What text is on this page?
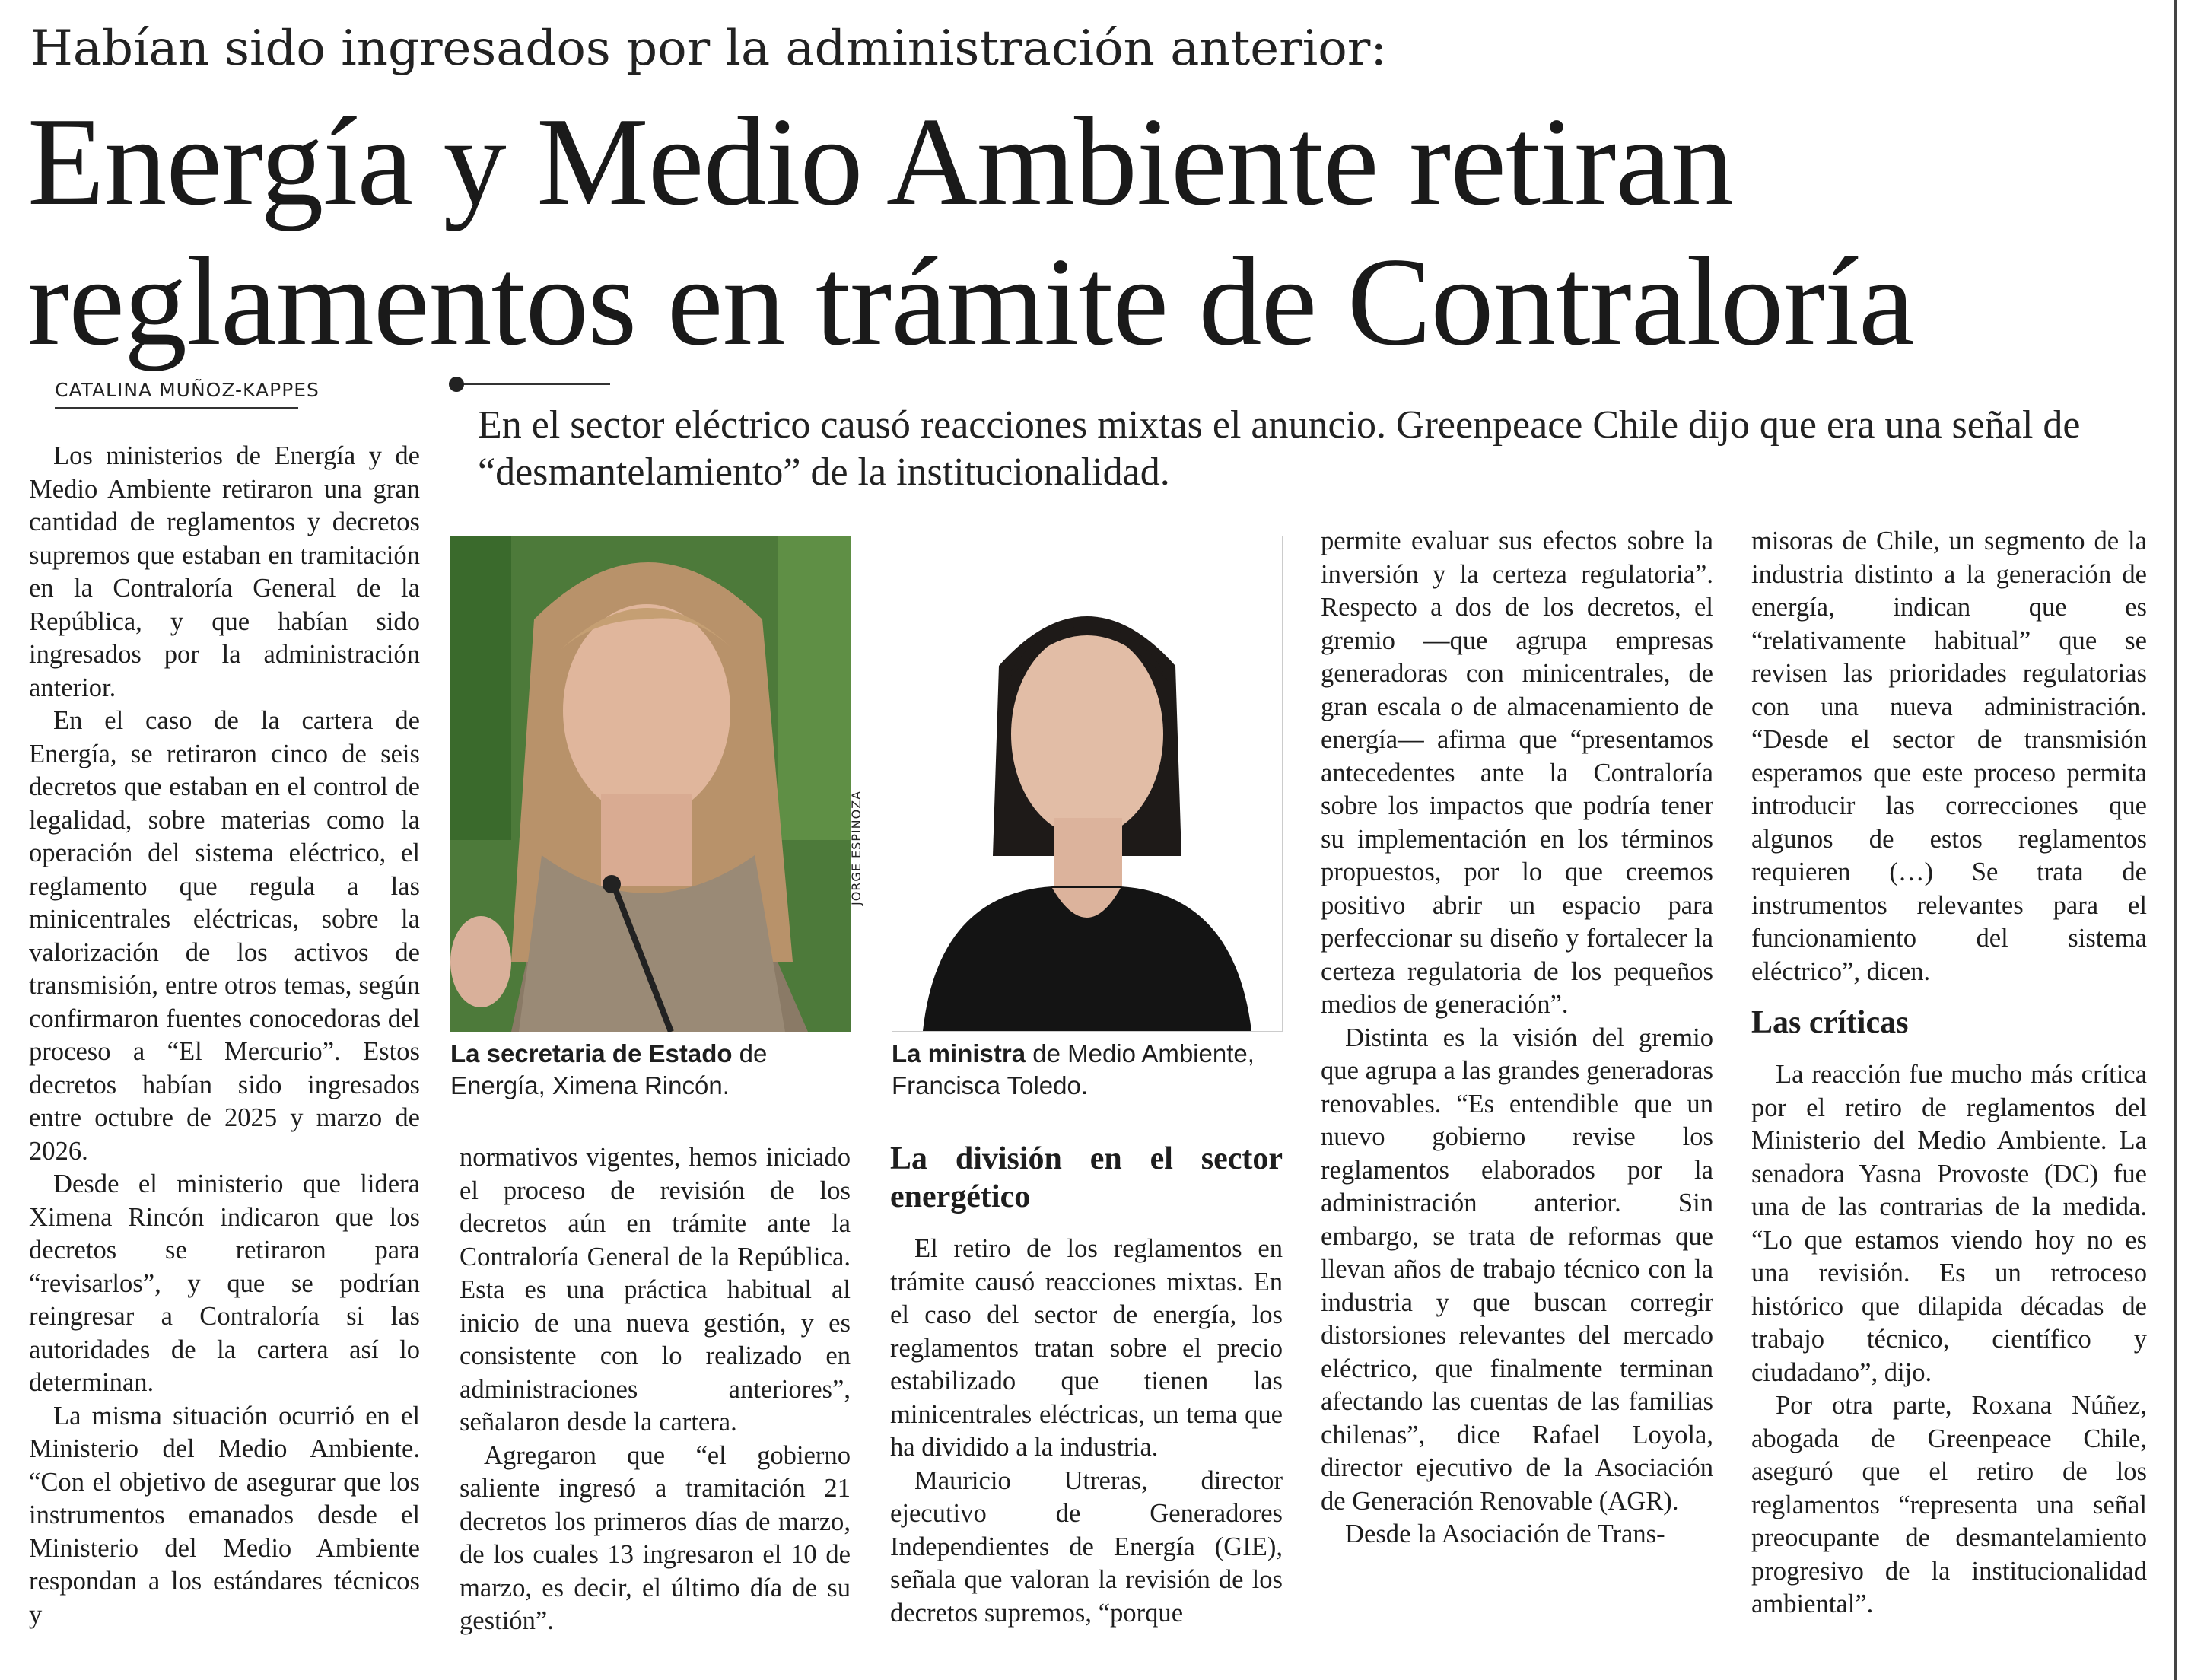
Habían sido ingresados por la administración anterior:
Energía y Medio Ambiente retiran reglamentos en trámite de Contraloría
CATALINA MUÑOZ-KAPPES
En el sector eléctrico causó reacciones mixtas el anuncio. Greenpeace Chile dijo que era una señal de “desmantelamiento” de la institucionalidad.
JORGE ESPINOZA
La secretaria de Estado de Energía, Ximena Rincón.
La ministra de Medio Ambiente, Francisca Toledo.

Los ministerios de Energía y de Medio Ambiente retiraron una gran cantidad de reglamentos y decretos supremos que estaban en tramitación en la Contraloría General de la República, y que habían sido ingresados por la administración anterior.

En el caso de la cartera de Energía, se retiraron cinco de seis decretos que estaban en el control de legalidad, sobre materias como la operación del sistema eléctrico, el reglamento que regula a las minicentrales eléctricas, sobre la valorización de los activos de transmisión, entre otros temas, según confirmaron fuentes conocedoras del proceso a “El Mercurio”. Estos decretos habían sido ingresados entre octubre de 2025 y marzo de 2026.

Desde el ministerio que lidera Ximena Rincón indicaron que los decretos se retiraron para “revisarlos”, y que se podrían reingresar a Contraloría si las autoridades de la cartera así lo determinan.

La misma situación ocurrió en el Ministerio del Medio Ambiente. “Con el objetivo de asegurar que los instrumentos emanados desde el Ministerio del Medio Ambiente respondan a los estándares técnicos y

normativos vigentes, hemos iniciado el proceso de revisión de los decretos aún en trámite ante la Contraloría General de la República. Esta es una práctica habitual al inicio de una nueva gestión, y es consistente con lo realizado en administraciones anteriores”, señalaron desde la cartera.

Agregaron que “el gobierno saliente ingresó a tramitación 21 decretos los primeros días de marzo, de los cuales 13 ingresaron el 10 de marzo, es decir, el último día de su gestión”.

La división en el sector energético

El retiro de los reglamentos en trámite causó reacciones mixtas. En el caso del sector de energía, los reglamentos tratan sobre el precio estabilizado que tienen las minicentrales eléctricas, un tema que ha dividido a la industria.

Mauricio Utreras, director ejecutivo de Generadores Independientes de Energía (GIE), señala que valoran la revisión de los decretos supremos, “porque

permite evaluar sus efectos sobre la inversión y la certeza regulatoria”. Respecto a dos de los decretos, el gremio —que agrupa empresas generadoras con minicentrales, de gran escala o de almacenamiento de energía— afirma que “presentamos antecedentes ante la Contraloría sobre los impactos que podría tener su implementación en los términos propuestos, por lo que creemos positivo abrir un espacio para perfeccionar su diseño y fortalecer la certeza regulatoria de los pequeños medios de generación”.

Distinta es la visión del gremio que agrupa a las grandes generadoras renovables. “Es entendible que un nuevo gobierno revise los reglamentos elaborados por la administración anterior. Sin embargo, se trata de reformas que llevan años de trabajo técnico con la industria y que buscan corregir distorsiones relevantes del mercado eléctrico, que finalmente terminan afectando las cuentas de las familias chilenas”, dice Rafael Loyola, director ejecutivo de la Asociación de Generación Renovable (AGR).

Desde la Asociación de Trans-

misoras de Chile, un segmento de la industria distinto a la generación de energía, indican que es “relativamente habitual” que se revisen las prioridades regulatorias con una nueva administración. “Desde el sector de transmisión esperamos que este proceso permita introducir las correcciones que algunos de estos reglamentos requieren (…) Se trata de instrumentos relevantes para el funcionamiento del sistema eléctrico”, dicen.

Las críticas

La reacción fue mucho más crítica por el retiro de reglamentos del Ministerio del Medio Ambiente. La senadora Yasna Provoste (DC) fue una de las contrarias de la medida. “Lo que estamos viendo hoy no es una revisión. Es un retroceso histórico que dilapida décadas de trabajo técnico, científico y ciudadano”, dijo.

Por otra parte, Roxana Núñez, abogada de Greenpeace Chile, aseguró que el retiro de los reglamentos “representa una señal preocupante de desmantelamiento progresivo de la institucionalidad ambiental”.
